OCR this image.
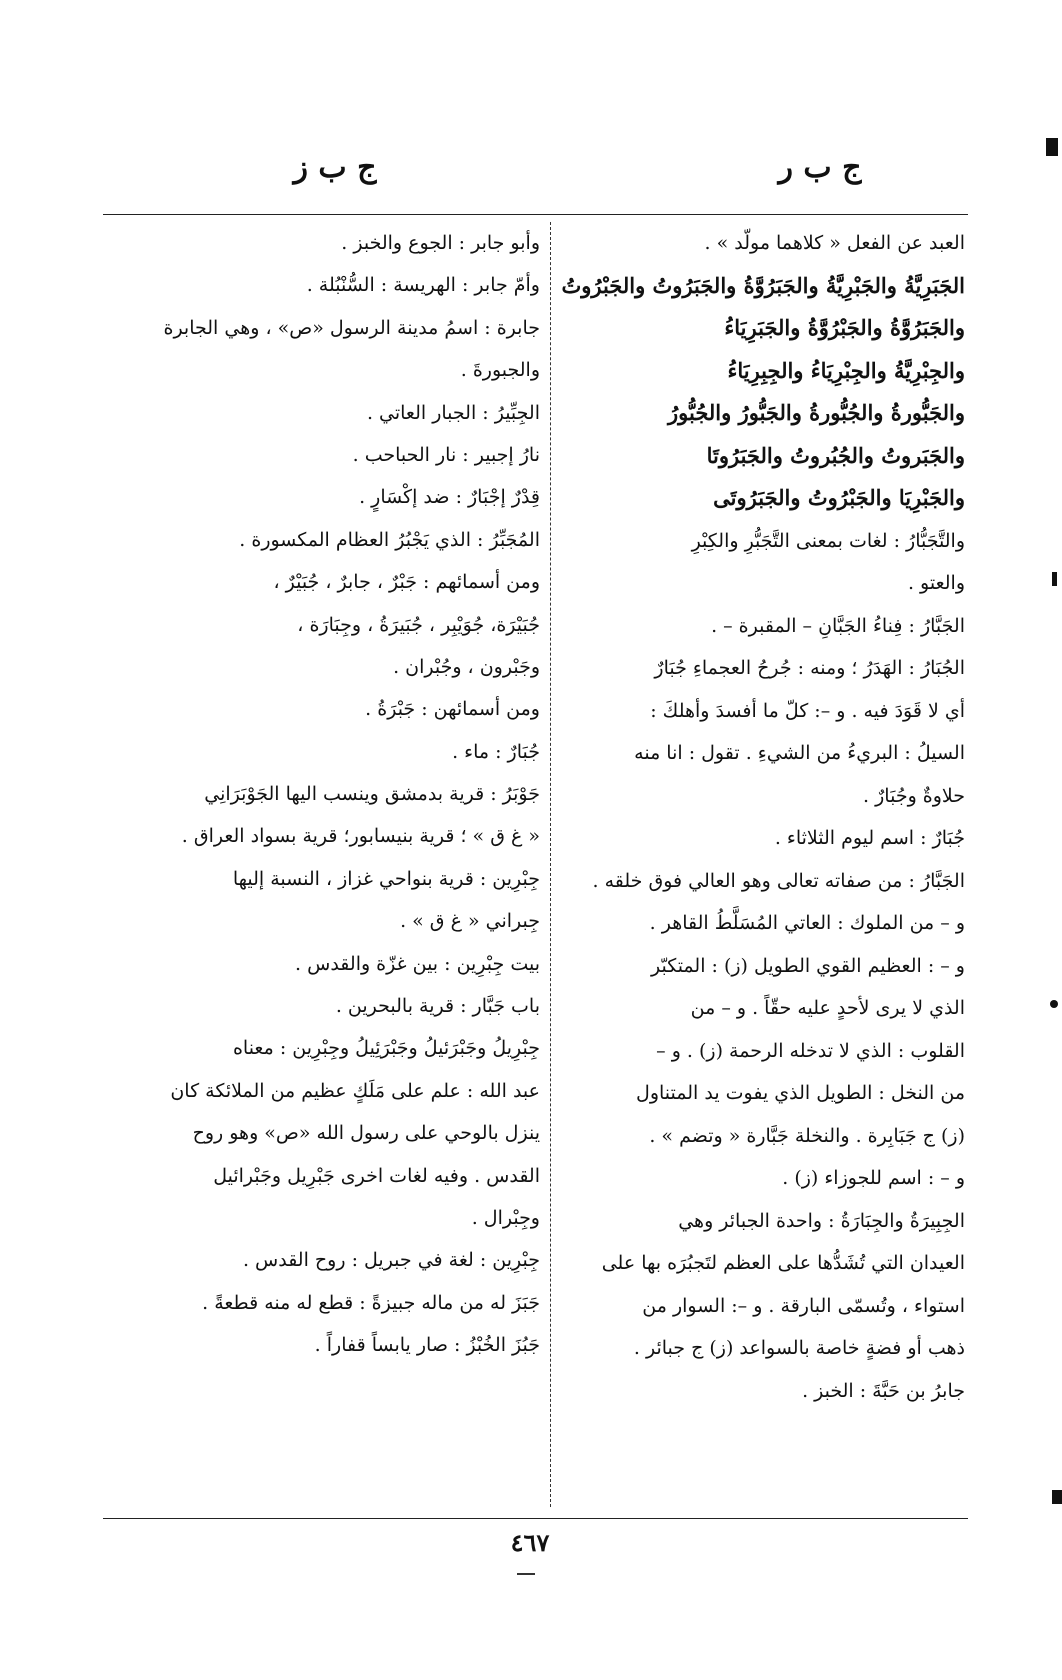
ج ب ر
ج ب ز
العبد عن الفعل « كلاهما مولّد » .
الجَبَرِيَّةُ والجَبْرِيَّةُ والجَبَرُوَّةُ والجَبَرُوتُ والجَبْرُوتُ
والجَبَرُوَّةُ والجَبْرُوَّةُ والجَبَرِيَاءُ
والجِبْرِيَّةُ والجِبْرِيَاءُ والجِبِرِيَاءُ
والجَبُّورةُ والجُبُّورةُ والجَبُّورُ والجُبُّورُ
والجَبَروتُ والجُبُروتُ والجَبَرُوتَا
والجَبْرِيَا والجَبْرُوتُ والجَبَرُوتَى
والتَّجَبُّارُ : لغات بمعنى التَّجَبُّرِ والكِبْرِ
والعتو .
الجَبَّارُ : فِناءُ الجَبَّانِ – المقبرة – .
الجُبَارُ : الهَدَرُ ؛ ومنه : جُرحُ العجماءِ جُبَارٌ
أي لا قَوَدَ فيه . و –: كلّ ما أفسدَ وأهلكَ :
السيلُ : البريءُ من الشيءِ . تقول : انا منه
حلاوةٌ وجُبَارٌ .
جُبَارٌ : اسم ليوم الثلاثاء .
الجَبَّارُ : من صفاته تعالى وهو العالي فوق خلقه .
و – من الملوك : العاتي المُسَلَّطُ القاهر .
و – : العظيم القوي الطويل (ز) : المتكبّر
الذي لا يرى لأحدٍ عليه حقّاً . و – من
القلوب : الذي لا تدخله الرحمة (ز) . و –
من النخل : الطويل الذي يفوت يد المتناول
(ز) ج جَبَابِرة . والنخلة جَبَّارة « وتضم » .
و – : اسم للجوزاء (ز) .
الجِبِيرَةُ والجِبَارَةُ : واحدة الجبائر وهي
العيدان التي تُشَدُّها على العظم لتَجبُرَه بها على
استواء ، وتُسمّى البارقة . و –: السوار من
ذهب أو فضةٍ خاصة بالسواعد (ز) ج جبائر .
جابرُ بن حَبَّةَ : الخبز .
وأبو جابر : الجوع والخبز .
وأمّ جابر : الهريسة : السُّنْبُلة .
جابرة : اسمُ مدينة الرسول «ص» ، وهي الجابرة
والجبورةَ .
الجِبِّيرُ : الجبار العاتي .
نارُ إجبير : نار الحباحب .
قِدْرٌ إجْبَارٌ : ضد إكْسَارٍ .
المُجَبِّرُ : الذي يَجْبُرُ العظام المكسورة .
ومن أسمائهم : جَبْرٌ ، جابرٌ ، جُبَيْرٌ ،
جُبَيْرَة، جُوَيْبِر ، جُبَيرَةُ ، وجِبَارَة ،
وجَبْرون ، وجُبْران .
ومن أسمائهن : جَبْرَةُ .
جُبَارٌ : ماء .
جَوْبَرُ : قرية بدمشق وينسب اليها الجَوْبَرَانِي
« غ ق » ؛ قرية بنيسابور؛ قرية بسواد العراق .
جِبْرِين : قرية بنواحي غزاز ، النسبة إليها
جِبراني « غ ق » .
بيت جِبْرِين : بين غزّة والقدس .
باب جَبَّار : قرية بالبحرين .
جِبْرِيلُ وجَبْرَئيلُ وجَبْرَئِيلُ وجِبْرِين : معناه
عبد الله : علم على مَلَكٍ عظيم من الملائكة كان
ينزل بالوحي على رسول الله «ص» وهو روح
القدس . وفيه لغات اخرى جَبْرِيل وجَبْرائيل
وجِبْرال .
جِبْرِين : لغة في جبريل : روح القدس .
جَبَزَ له من ماله جبيزةً : قطع له منه قطعةً .
جَبُزَ الخُبْزُ : صار يابساً قفاراً .
٤٦٧
